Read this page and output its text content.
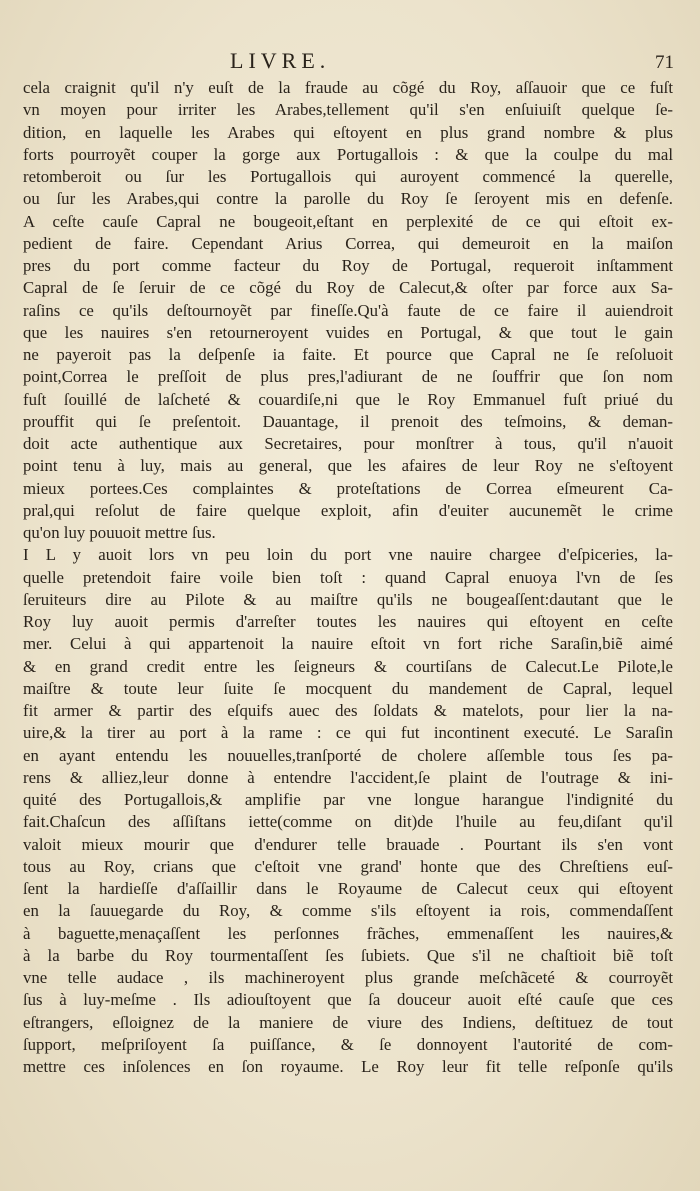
LIVRE.	71
cela craignit qu'il n'y euſt de la fraude au cõgé du Roy, aſſauoir que ce fuſt
vn moyen pour irriter les Arabes,tellement qu'il s'en enſuiuiſt quelque ſe-
dition, en laquelle les Arabes qui eſtoyent en plus grand nombre & plus
forts pourroyẽt couper la gorge aux Portugallois : & que la coulpe du mal
retomberoit ou ſur les Portugallois qui auroyent commencé la querelle,
ou ſur les Arabes,qui contre la parolle du Roy ſe ſeroyent mis en defenſe.
A ceſte cauſe Capral ne bougeoit,eſtant en perplexité de ce qui eſtoit ex-
pedient de faire. Cependant Arius Correa, qui demeuroit en la maiſon
pres du port comme facteur du Roy de Portugal, requeroit inſtamment
Capral de ſe ſeruir de ce cõgé du Roy de Calecut,& oſter par force aux Sa-
raſins ce qu'ils deſtournoyẽt par fineſſe.Qu'à faute de ce faire il auiendroit
que les nauires s'en retourneroyent vuides en Portugal, & que tout le gain
ne payeroit pas la deſpenſe ia faite. Et pource que Capral ne ſe reſoluoit
point,Correa le preſſoit de plus pres,l'adiurant de ne ſouffrir que ſon nom
fuſt ſouillé de laſcheté & couardiſe,ni que le Roy Emmanuel fuſt priué du
prouffit qui ſe preſentoit. Dauantage, il prenoit des teſmoins, & deman-
doit acte authentique aux Secretaires, pour monſtrer à tous, qu'il n'auoit
point tenu à luy, mais au general, que les afaires de leur Roy ne s'eſtoyent
mieux portees.Ces complaintes & proteſtations de Correa eſmeurent Ca-
pral,qui reſolut de faire quelque exploit, afin d'euiter aucunemẽt le crime
qu'on luy pouuoit mettre ſus.
I L y auoit lors vn peu loin du port vne nauire chargee d'eſpiceries, la-
quelle pretendoit faire voile bien toſt : quand Capral enuoya l'vn de ſes
ſeruiteurs dire au Pilote & au maiſtre qu'ils ne bougeaſſent:dautant que le
Roy luy auoit permis d'arreſter toutes les nauires qui eſtoyent en ceſte
mer. Celui à qui appartenoit la nauire eſtoit vn fort riche Saraſin,biẽ aimé
& en grand credit entre les ſeigneurs & courtiſans de Calecut.Le Pilote,le
maiſtre & toute leur ſuite ſe mocquent du mandement de Capral, lequel
fit armer & partir des eſquifs auec des ſoldats & matelots, pour lier la na-
uire,& la tirer au port à la rame : ce qui fut incontinent executé. Le Saraſin
en ayant entendu les nouuelles,tranſporté de cholere aſſemble tous ſes pa-
rens & alliez,leur donne à entendre l'accident,ſe plaint de l'outrage & ini-
quité des Portugallois,& amplifie par vne longue harangue l'indignité du
fait.Chaſcun des aſſiſtans iette(comme on dit)de l'huile au feu,diſant qu'il
valoit mieux mourir que d'endurer telle brauade . Pourtant ils s'en vont
tous au Roy, crians que c'eſtoit vne grand' honte que des Chreſtiens euſ-
ſent la hardieſſe d'aſſaillir dans le Royaume de Calecut ceux qui eſtoyent
en la ſauuegarde du Roy, & comme s'ils eſtoyent ia rois, commendaſſent
à baguette,menaçaſſent les perſonnes frãches, emmenaſſent les nauires,&
à la barbe du Roy tourmentaſſent ſes ſubiets. Que s'il ne chaſtioit biẽ toſt
vne telle audace , ils machineroyent plus grande meſchãceté & courroyẽt
ſus à luy-meſme . Ils adiouſtoyent que ſa douceur auoit eſté cauſe que ces
eſtrangers, eſloignez de la maniere de viure des Indiens, deſtituez de tout
ſupport, meſpriſoyent ſa puiſſance, & ſe donnoyent l'autorité de com-
mettre ces inſolences en ſon royaume. Le Roy leur fit telle reſponſe qu'ils
